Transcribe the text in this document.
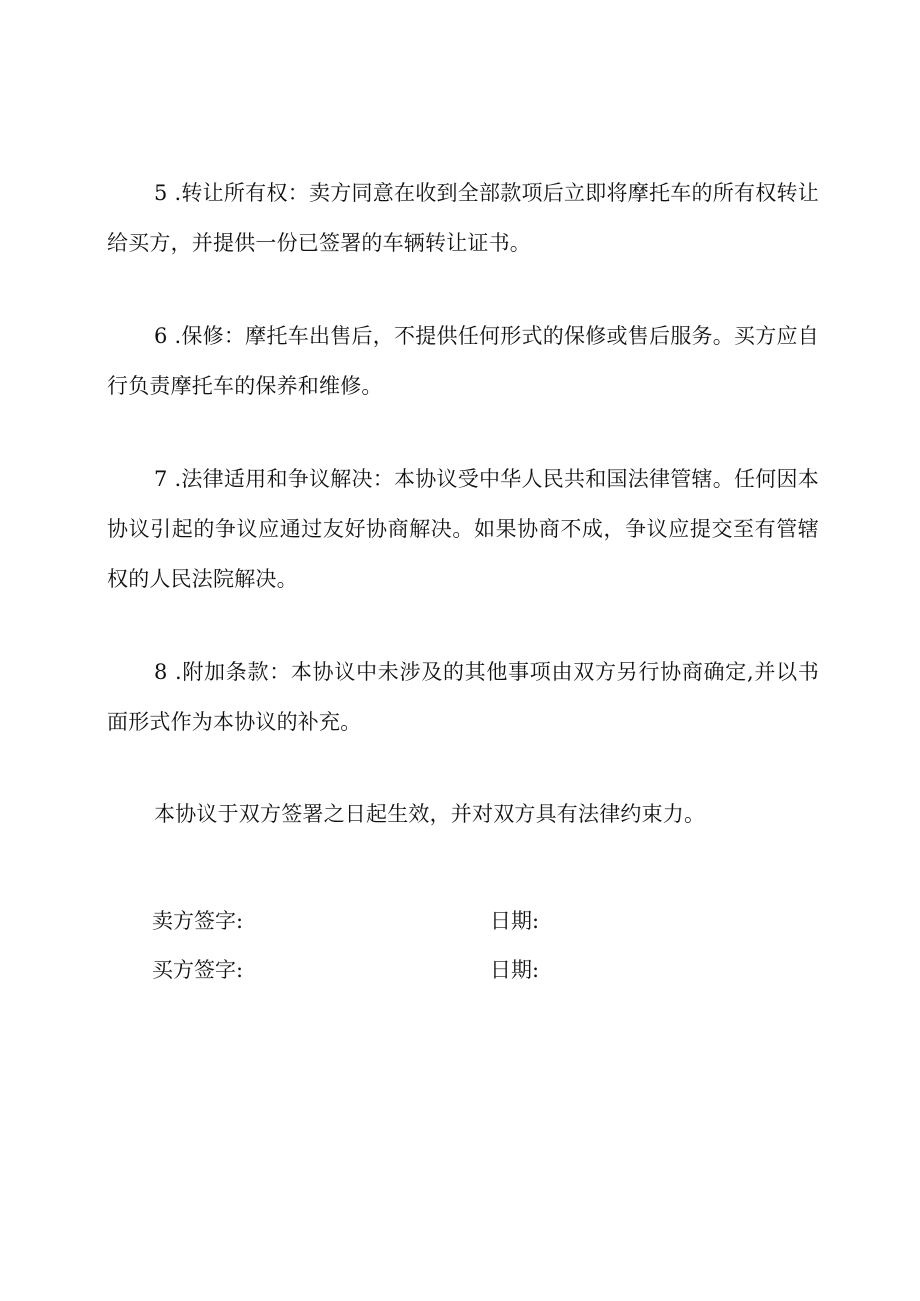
5 .转让所有权：卖方同意在收到全部款项后立即将摩托车的所有权转让给买方，并提供一份已签署的车辆转让证书。

6 .保修：摩托车出售后，不提供任何形式的保修或售后服务。买方应自行负责摩托车的保养和维修。

7 .法律适用和争议解决：本协议受中华人民共和国法律管辖。任何因本协议引起的争议应通过友好协商解决。如果协商不成，争议应提交至有管辖权的人民法院解决。

8 .附加条款：本协议中未涉及的其他事项由双方另行协商确定,并以书面形式作为本协议的补充。

本协议于双方签署之日起生效，并对双方具有法律约束力。

卖方签字:	日期:
买方签字:	日期:
